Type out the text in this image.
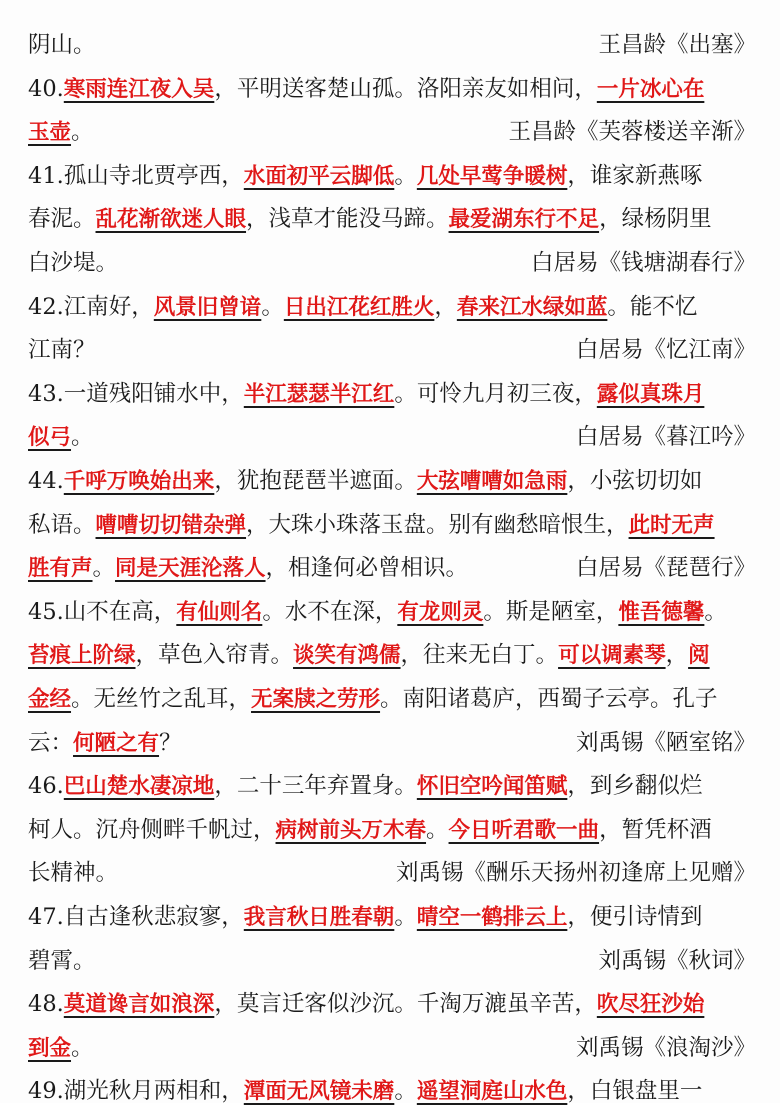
阴山。	王昌龄《出塞》
40.寒雨连江夜入吴，平明送客楚山孤。洛阳亲友如相问，一片冰心在
玉壶。	王昌龄《芙蓉楼送辛渐》
41.孤山寺北贾亭西，水面初平云脚低。几处早莺争暖树，谁家新燕啄
春泥。乱花渐欲迷人眼，浅草才能没马蹄。最爱湖东行不足，绿杨阴里
白沙堤。	白居易《钱塘湖春行》
42.江南好，风景旧曾谙。日出江花红胜火，春来江水绿如蓝。能不忆
江南？	白居易《忆江南》
43.一道残阳铺水中，半江瑟瑟半江红。可怜九月初三夜，露似真珠月
似弓。	白居易《暮江吟》
44.千呼万唤始出来，犹抱琵琶半遮面。大弦嘈嘈如急雨，小弦切切如
私语。嘈嘈切切错杂弹，大珠小珠落玉盘。别有幽愁暗恨生，此时无声
胜有声。同是天涯沦落人，相逢何必曾相识。	白居易《琵琶行》
45.山不在高，有仙则名。水不在深，有龙则灵。斯是陋室，惟吾德馨。
苔痕上阶绿，草色入帘青。谈笑有鸿儒，往来无白丁。可以调素琴，阅
金经。无丝竹之乱耳，无案牍之劳形。南阳诸葛庐，西蜀子云亭。孔子
云：何陋之有？	刘禹锡《陋室铭》
46.巴山楚水凄凉地，二十三年弃置身。怀旧空吟闻笛赋，到乡翻似烂
柯人。沉舟侧畔千帆过，病树前头万木春。今日听君歌一曲，暂凭杯酒
长精神。	刘禹锡《酬乐天扬州初逢席上见赠》
47.自古逢秋悲寂寥，我言秋日胜春朝。晴空一鹤排云上，便引诗情到
碧霄。	刘禹锡《秋词》
48.莫道谗言如浪深，莫言迁客似沙沉。千淘万漉虽辛苦，吹尽狂沙始
到金。	刘禹锡《浪淘沙》
49.湖光秋月两相和，潭面无风镜未磨。遥望洞庭山水色，白银盘里一
